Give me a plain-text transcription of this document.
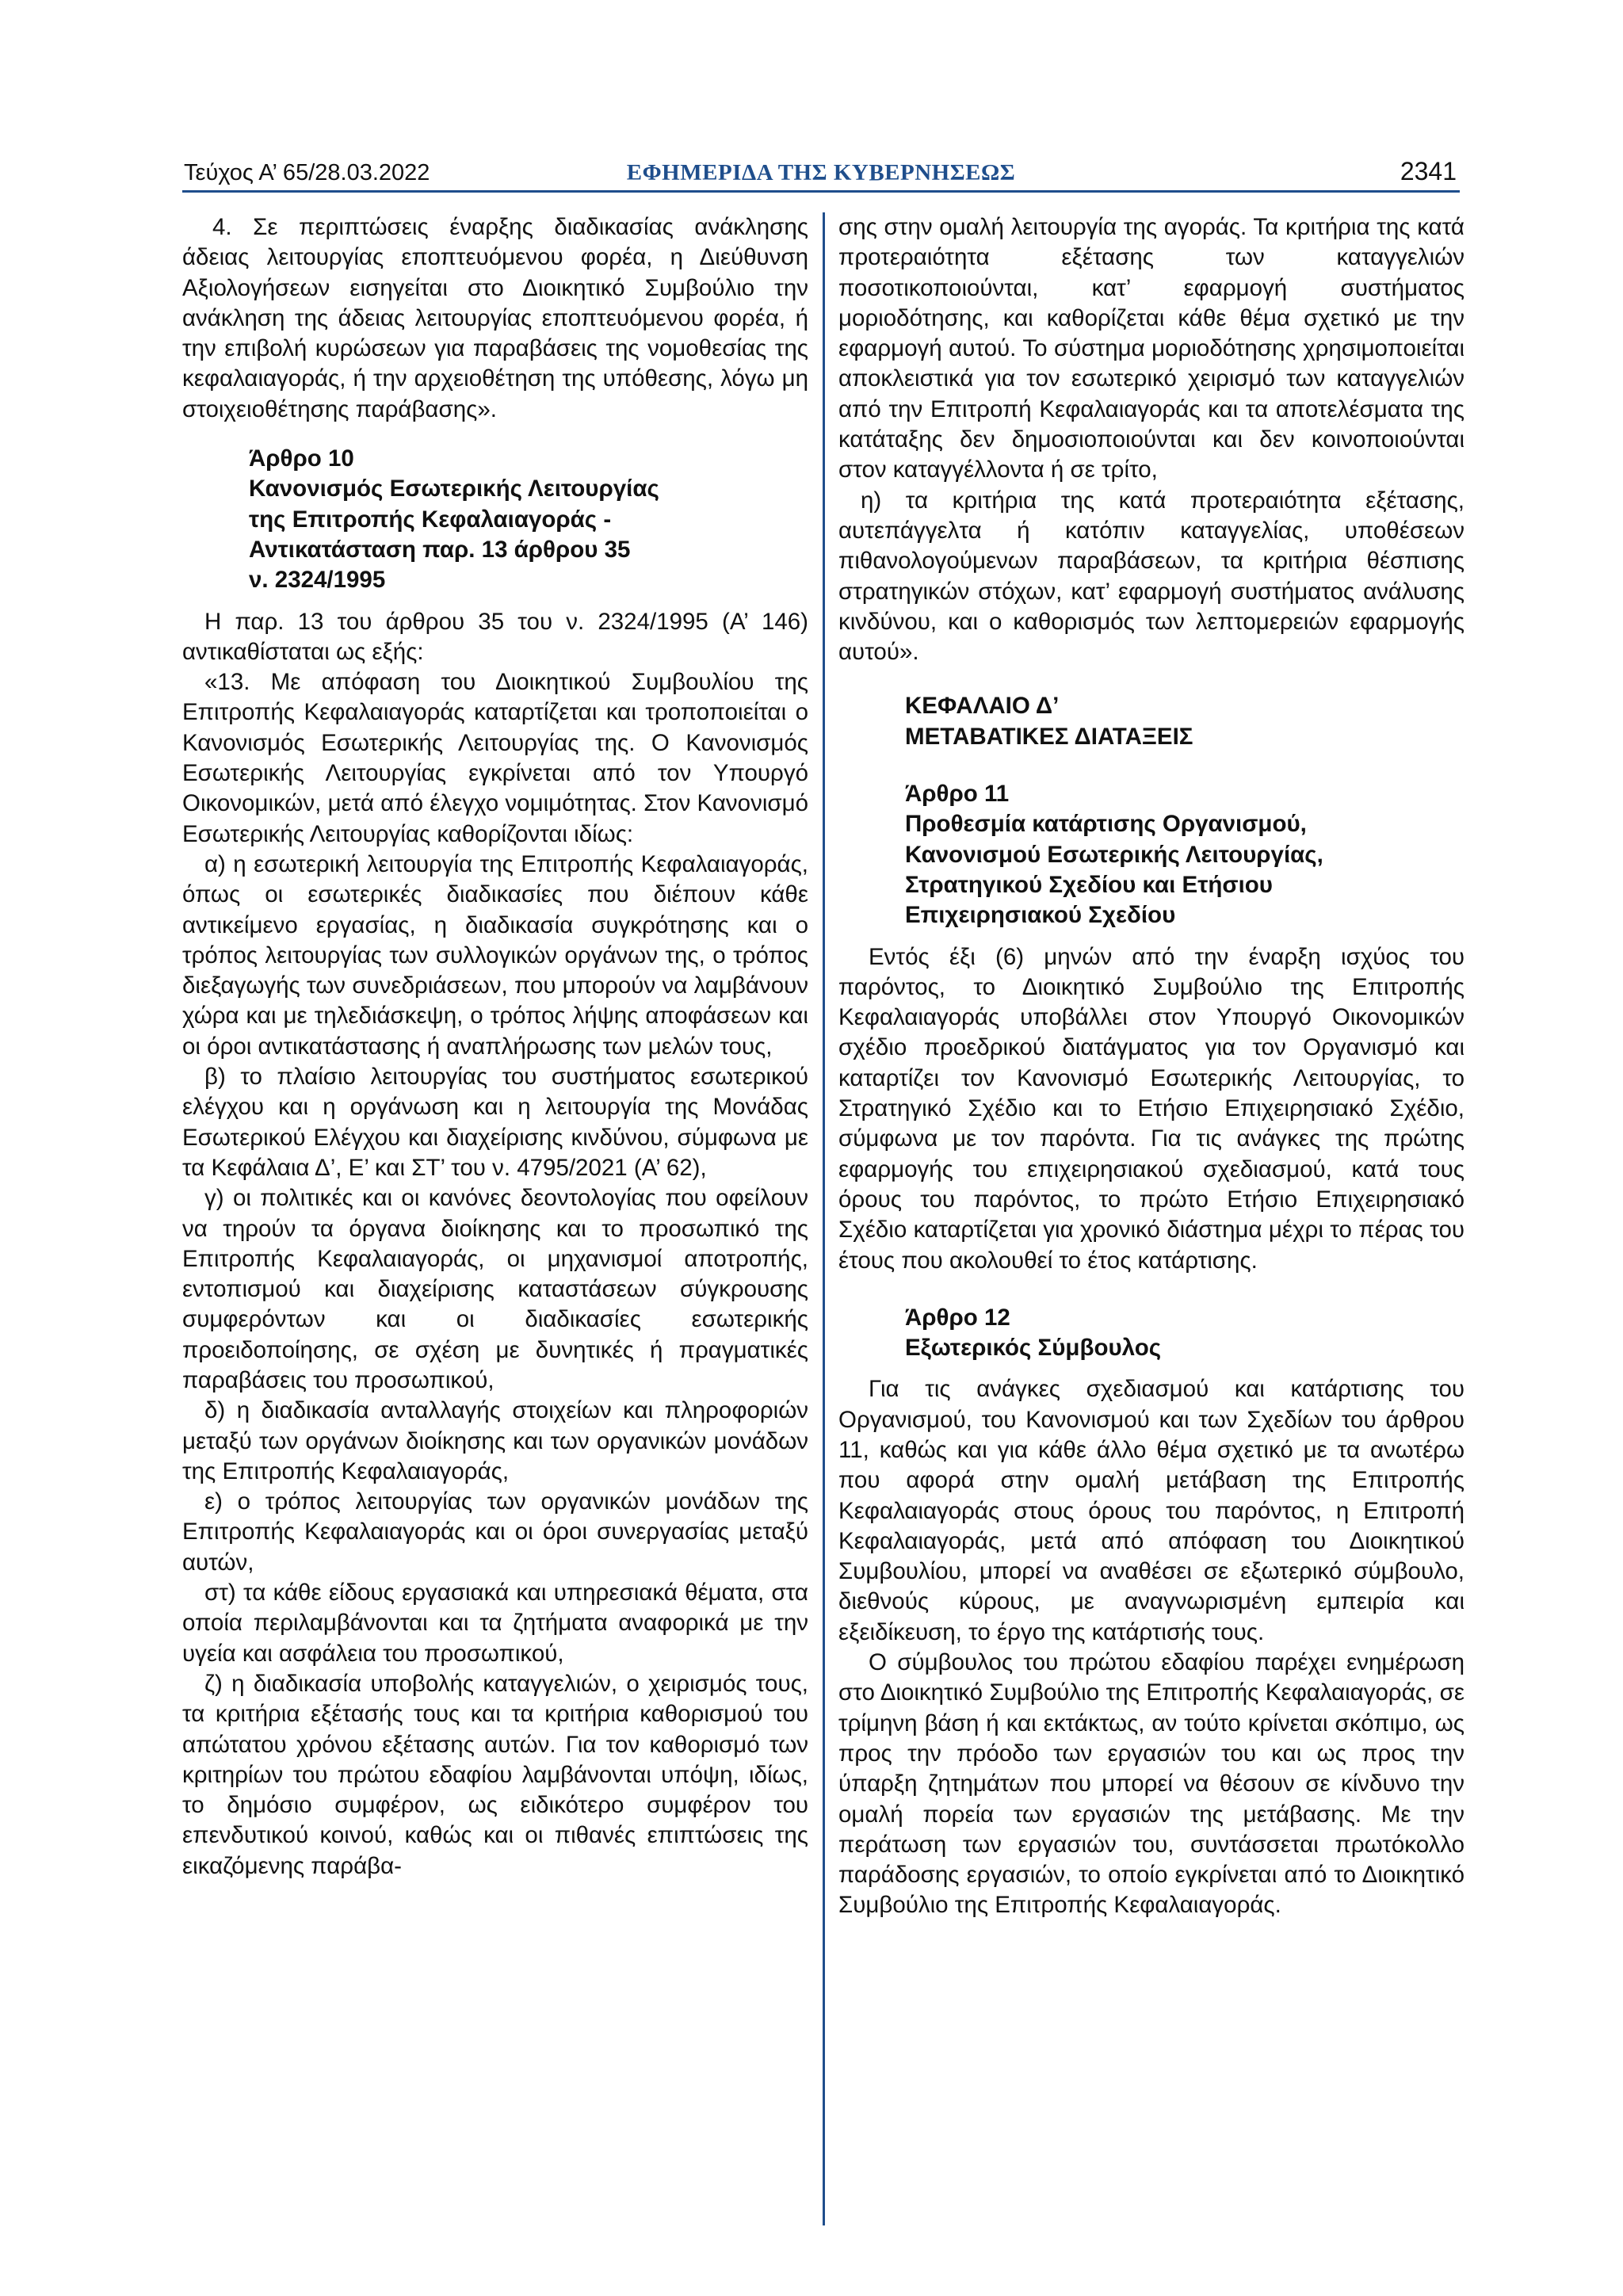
Τεύχος Α’ 65/28.03.2022	ΕΦΗΜΕΡΙΔΑ ΤΗΣ ΚΥΒΕΡΝΗΣΕΩΣ	2341

4. Σε περιπτώσεις έναρξης διαδικασίας ανάκλησης άδειας λειτουργίας εποπτευόμενου φορέα, η Διεύθυνση Αξιολογήσεων εισηγείται στο Διοικητικό Συμβούλιο την ανάκληση της άδειας λειτουργίας εποπτευόμενου φορέα, ή την επιβολή κυρώσεων για παραβάσεις της νομοθεσίας της κεφαλαιαγοράς, ή την αρχειοθέτηση της υπόθεσης, λόγω μη στοιχειοθέτησης παράβασης».

Άρθρο 10
Κανονισμός Εσωτερικής Λειτουργίας
της Επιτροπής Κεφαλαιαγοράς -
Αντικατάσταση παρ. 13 άρθρου 35
ν. 2324/1995

Η παρ. 13 του άρθρου 35 του ν. 2324/1995 (Α’ 146) αντικαθίσταται ως εξής:

«13. Με απόφαση του Διοικητικού Συμβουλίου της Επιτροπής Κεφαλαιαγοράς καταρτίζεται και τροποποιείται ο Κανονισμός Εσωτερικής Λειτουργίας της. Ο Κανονισμός Εσωτερικής Λειτουργίας εγκρίνεται από τον Υπουργό Οικονομικών, μετά από έλεγχο νομιμότητας. Στον Κανονισμό Εσωτερικής Λειτουργίας καθορίζονται ιδίως:

α) η εσωτερική λειτουργία της Επιτροπής Κεφαλαιαγοράς, όπως οι εσωτερικές διαδικασίες που διέπουν κάθε αντικείμενο εργασίας, η διαδικασία συγκρότησης και ο τρόπος λειτουργίας των συλλογικών οργάνων της, ο τρόπος διεξαγωγής των συνεδριάσεων, που μπορούν να λαμβάνουν χώρα και με τηλεδιάσκεψη, ο τρόπος λήψης αποφάσεων και οι όροι αντικατάστασης ή αναπλήρωσης των μελών τους,

β) το πλαίσιο λειτουργίας του συστήματος εσωτερικού ελέγχου και η οργάνωση και η λειτουργία της Μονάδας Εσωτερικού Ελέγχου και διαχείρισης κινδύνου, σύμφωνα με τα Κεφάλαια Δ’, Ε’ και ΣΤ’ του ν. 4795/2021 (Α’ 62),

γ) οι πολιτικές και οι κανόνες δεοντολογίας που οφείλουν να τηρούν τα όργανα διοίκησης και το προσωπικό της Επιτροπής Κεφαλαιαγοράς, οι μηχανισμοί αποτροπής, εντοπισμού και διαχείρισης καταστάσεων σύγκρουσης συμφερόντων και οι διαδικασίες εσωτερικής προειδοποίησης, σε σχέση με δυνητικές ή πραγματικές παραβάσεις του προσωπικού,

δ) η διαδικασία ανταλλαγής στοιχείων και πληροφοριών μεταξύ των οργάνων διοίκησης και των οργανικών μονάδων της Επιτροπής Κεφαλαιαγοράς,

ε) ο τρόπος λειτουργίας των οργανικών μονάδων της Επιτροπής Κεφαλαιαγοράς και οι όροι συνεργασίας μεταξύ αυτών,

στ) τα κάθε είδους εργασιακά και υπηρεσιακά θέματα, στα οποία περιλαμβάνονται και τα ζητήματα αναφορικά με την υγεία και ασφάλεια του προσωπικού,

ζ) η διαδικασία υποβολής καταγγελιών, ο χειρισμός τους, τα κριτήρια εξέτασής τους και τα κριτήρια καθορισμού του απώτατου χρόνου εξέτασης αυτών. Για τον καθορισμό των κριτηρίων του πρώτου εδαφίου λαμβάνονται υπόψη, ιδίως, το δημόσιο συμφέρον, ως ειδικότερο συμφέρον του επενδυτικού κοινού, καθώς και οι πιθανές επιπτώσεις της εικαζόμενης παράβα-

σης στην ομαλή λειτουργία της αγοράς. Τα κριτήρια της κατά προτεραιότητα εξέτασης των καταγγελιών ποσοτικοποιούνται, κατ’ εφαρμογή συστήματος μοριοδότησης, και καθορίζεται κάθε θέμα σχετικό με την εφαρμογή αυτού. Το σύστημα μοριοδότησης χρησιμοποιείται αποκλειστικά για τον εσωτερικό χειρισμό των καταγγελιών από την Επιτροπή Κεφαλαιαγοράς και τα αποτελέσματα της κατάταξης δεν δημοσιοποιούνται και δεν κοινοποιούνται στον καταγγέλλοντα ή σε τρίτο,

η) τα κριτήρια της κατά προτεραιότητα εξέτασης, αυτεπάγγελτα ή κατόπιν καταγγελίας, υποθέσεων πιθανολογούμενων παραβάσεων, τα κριτήρια θέσπισης στρατηγικών στόχων, κατ’ εφαρμογή συστήματος ανάλυσης κινδύνου, και ο καθορισμός των λεπτομερειών εφαρμογής αυτού».

ΚΕΦΑΛΑΙΟ Δ’
ΜΕΤΑΒΑΤΙΚΕΣ ΔΙΑΤΑΞΕΙΣ
Άρθρο 11
Προθεσμία κατάρτισης Οργανισμού,
Κανονισμού Εσωτερικής Λειτουργίας,
Στρατηγικού Σχεδίου και Ετήσιου
Επιχειρησιακού Σχεδίου

Εντός έξι (6) μηνών από την έναρξη ισχύος του παρόντος, το Διοικητικό Συμβούλιο της Επιτροπής Κεφαλαιαγοράς υποβάλλει στον Υπουργό Οικονομικών σχέδιο προεδρικού διατάγματος για τον Οργανισμό και καταρτίζει τον Κανονισμό Εσωτερικής Λειτουργίας, το Στρατηγικό Σχέδιο και το Ετήσιο Επιχειρησιακό Σχέδιο, σύμφωνα με τον παρόντα. Για τις ανάγκες της πρώτης εφαρμογής του επιχειρησιακού σχεδιασμού, κατά τους όρους του παρόντος, το πρώτο Ετήσιο Επιχειρησιακό Σχέδιο καταρτίζεται για χρονικό διάστημα μέχρι το πέρας του έτους που ακολουθεί το έτος κατάρτισης.

Άρθρο 12
Εξωτερικός Σύμβουλος

Για τις ανάγκες σχεδιασμού και κατάρτισης του Οργανισμού, του Κανονισμού και των Σχεδίων του άρθρου 11, καθώς και για κάθε άλλο θέμα σχετικό με τα ανωτέρω που αφορά στην ομαλή μετάβαση της Επιτροπής Κεφαλαιαγοράς στους όρους του παρόντος, η Επιτροπή Κεφαλαιαγοράς, μετά από απόφαση του Διοικητικού Συμβουλίου, μπορεί να αναθέσει σε εξωτερικό σύμβουλο, διεθνούς κύρους, με αναγνωρισμένη εμπειρία και εξειδίκευση, το έργο της κατάρτισής τους.

Ο σύμβουλος του πρώτου εδαφίου παρέχει ενημέρωση στο Διοικητικό Συμβούλιο της Επιτροπής Κεφαλαιαγοράς, σε τρίμηνη βάση ή και εκτάκτως, αν τούτο κρίνεται σκόπιμο, ως προς την πρόοδο των εργασιών του και ως προς την ύπαρξη ζητημάτων που μπορεί να θέσουν σε κίνδυνο την ομαλή πορεία των εργασιών της μετάβασης. Με την περάτωση των εργασιών του, συντάσσεται πρωτόκολλο παράδοσης εργασιών, το οποίο εγκρίνεται από το Διοικητικό Συμβούλιο της Επιτροπής Κεφαλαιαγοράς.
